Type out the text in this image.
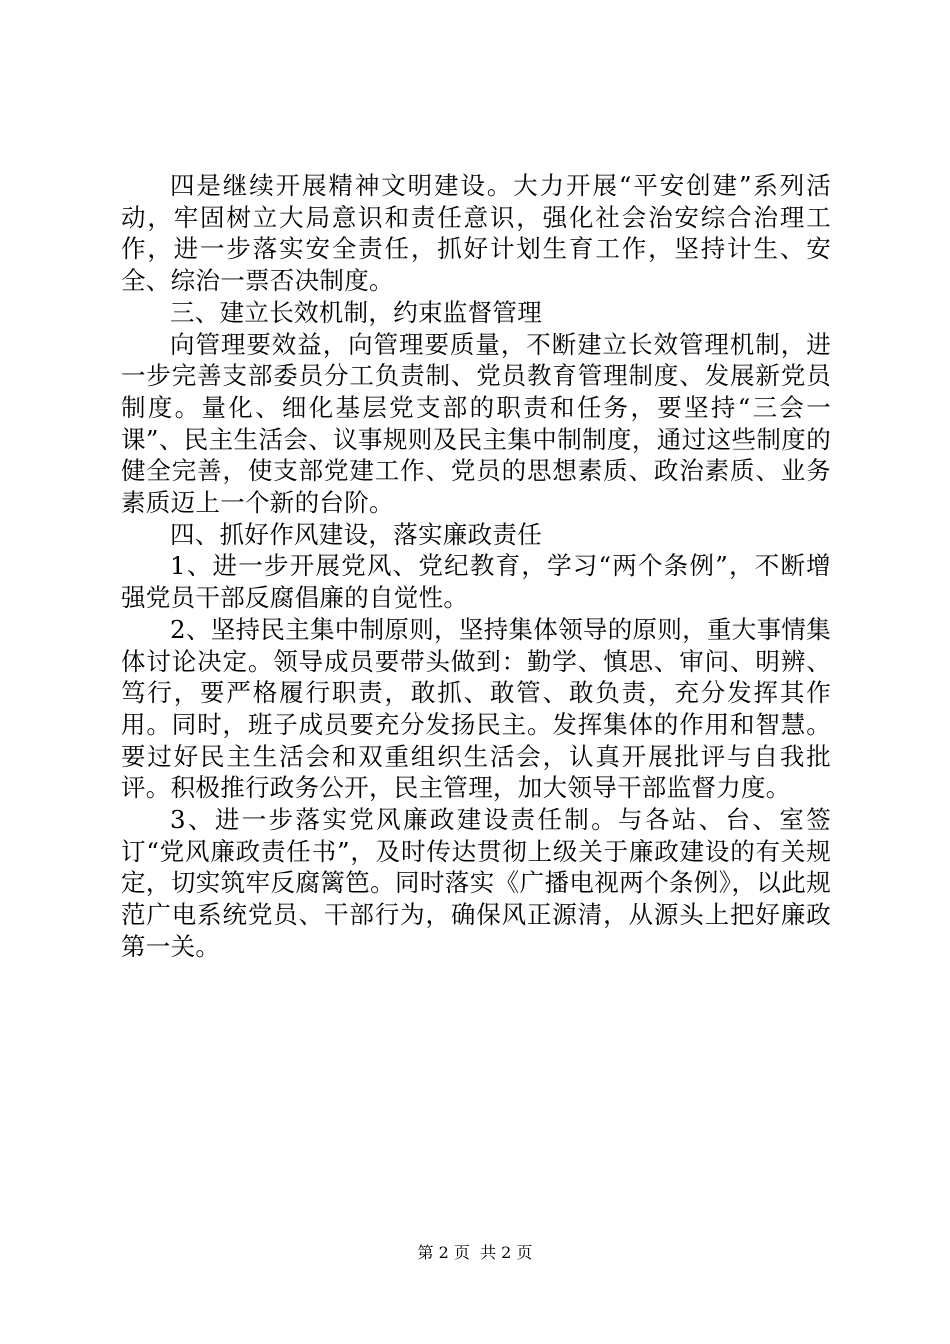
四是继续开展精神文明建设。大力开展“平安创建”系列活动，牢固树立大局意识和责任意识，强化社会治安综合治理工作，进一步落实安全责任，抓好计划生育工作，坚持计生、安全、综治一票否决制度。

三、建立长效机制，约束监督管理

向管理要效益，向管理要质量，不断建立长效管理机制，进一步完善支部委员分工负责制、党员教育管理制度、发展新党员制度。量化、细化基层党支部的职责和任务，要坚持“三会一课”、民主生活会、议事规则及民主集中制制度，通过这些制度的健全完善，使支部党建工作、党员的思想素质、政治素质、业务素质迈上一个新的台阶。

四、抓好作风建设，落实廉政责任

1、进一步开展党风、党纪教育，学习“两个条例”，不断增强党员干部反腐倡廉的自觉性。

2、坚持民主集中制原则，坚持集体领导的原则，重大事情集体讨论决定。领导成员要带头做到：勤学、慎思、审问、明辨、笃行，要严格履行职责，敢抓、敢管、敢负责，充分发挥其作用。同时，班子成员要充分发扬民主。发挥集体的作用和智慧。要过好民主生活会和双重组织生活会，认真开展批评与自我批评。积极推行政务公开，民主管理，加大领导干部监督力度。

3、进一步落实党风廉政建设责任制。与各站、台、室签订“党风廉政责任书”，及时传达贯彻上级关于廉政建设的有关规定，切实筑牢反腐篱笆。同时落实《广播电视两个条例》，以此规范广电系统党员、干部行为，确保风正源清，从源头上把好廉政第一关。

第 2 页  共 2 页
